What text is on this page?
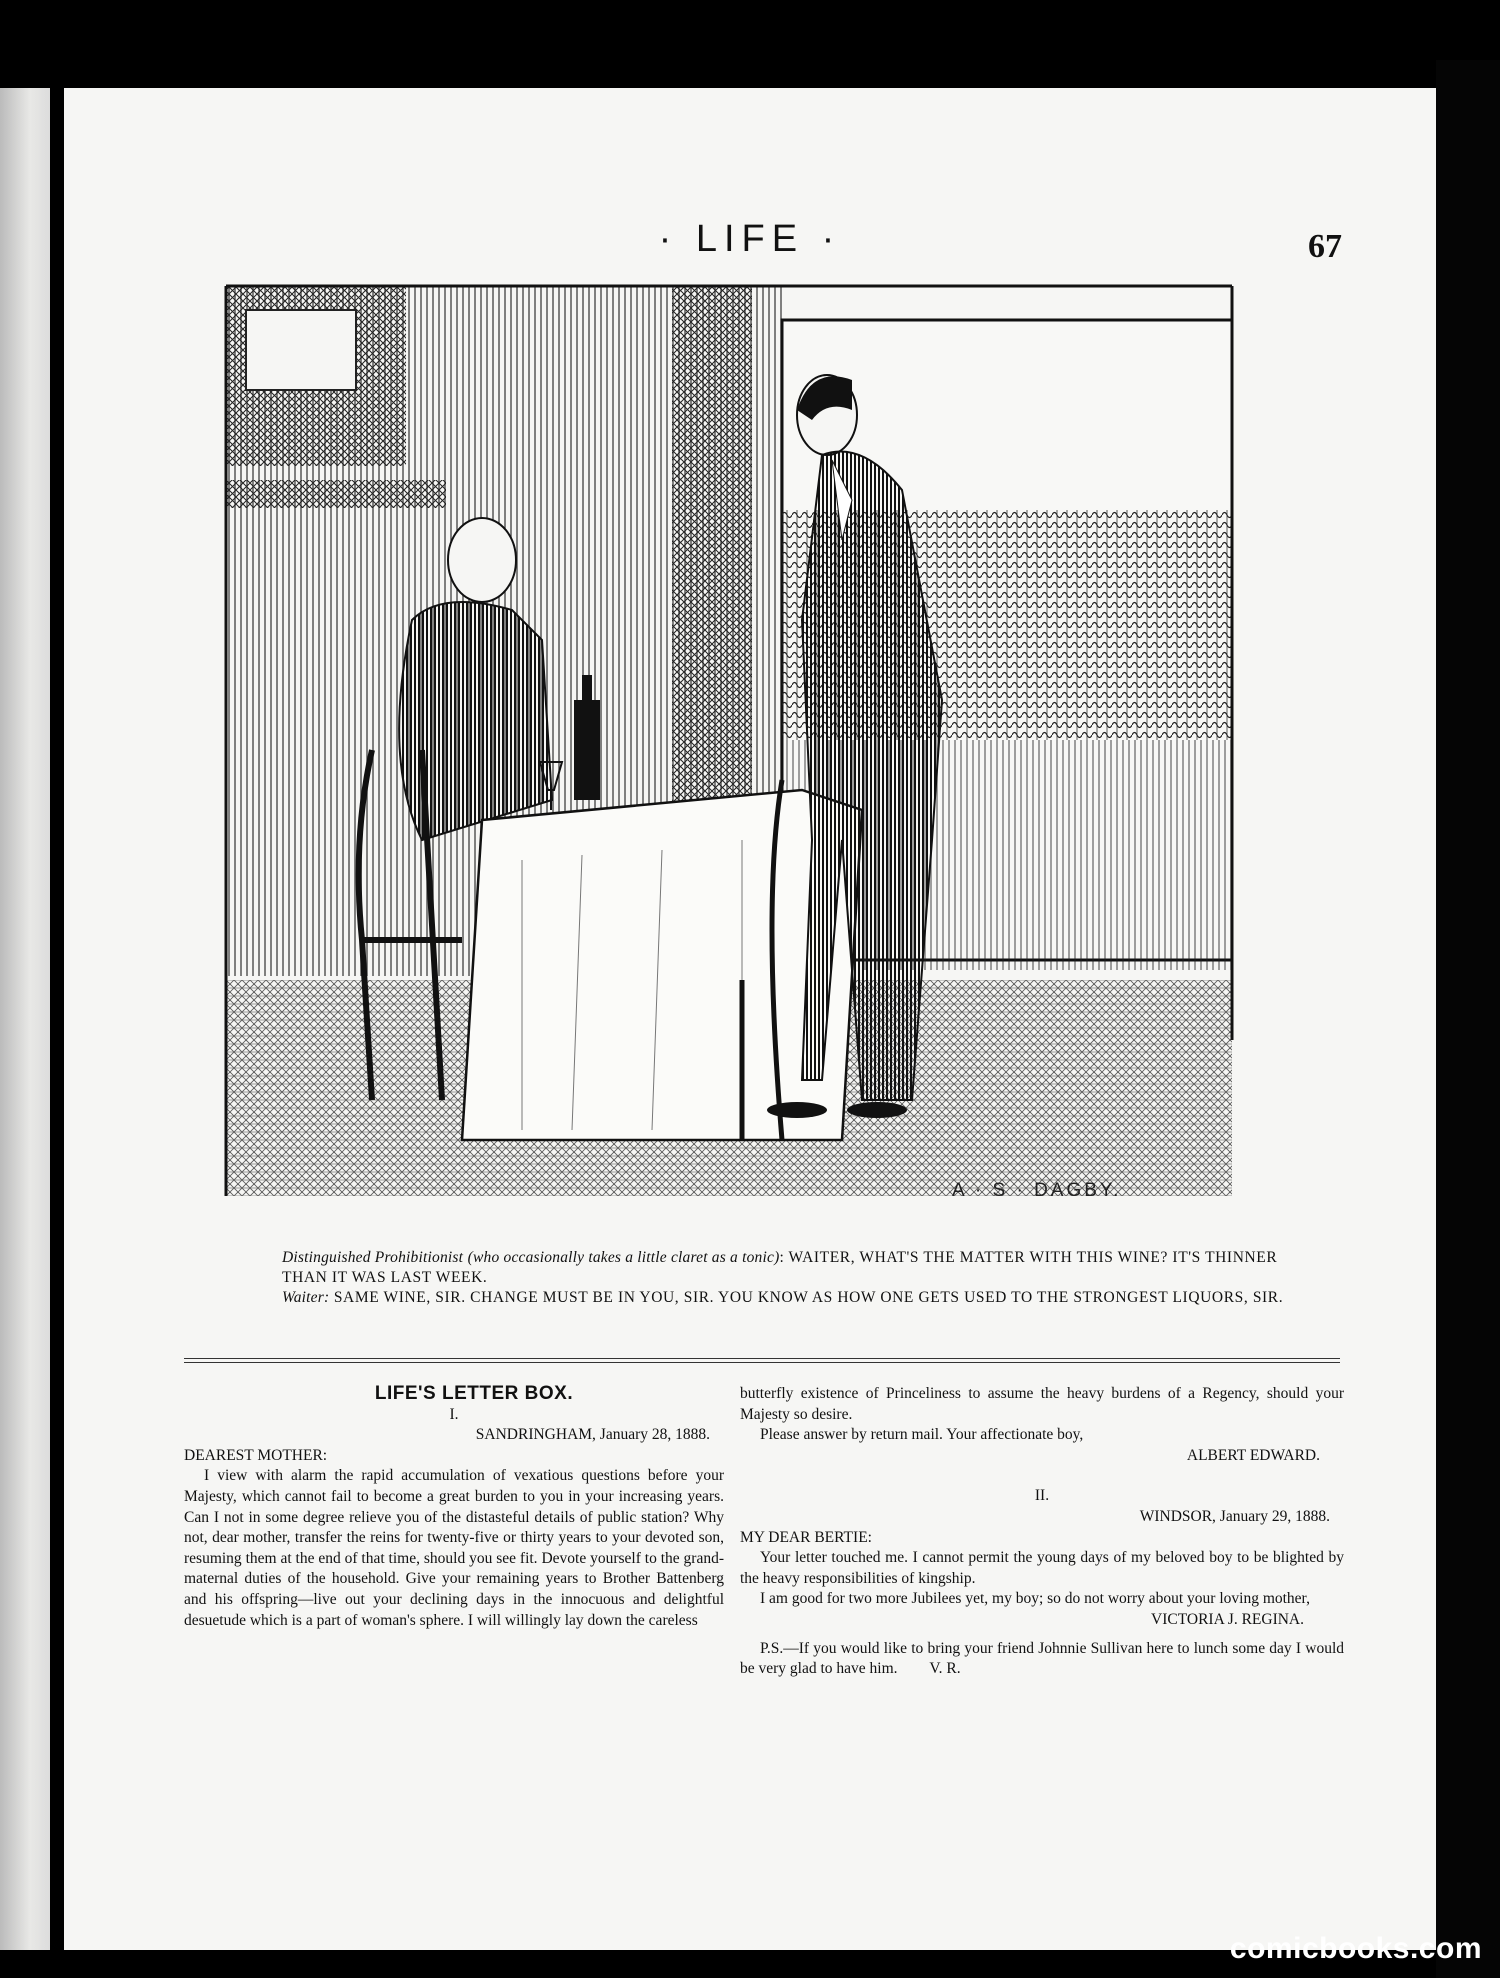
· LIFE ·	67
A · S · DAGBY.

Distinguished Prohibitionist (who occasionally takes a little claret as a tonic): WAITER, WHAT'S THE MATTER WITH THIS WINE? IT'S THINNER THAN IT WAS LAST WEEK.

Waiter: SAME WINE, SIR. CHANGE MUST BE IN YOU, SIR. YOU KNOW AS HOW ONE GETS USED TO THE STRONGEST LIQUORS, SIR.

LIFE'S LETTER BOX.

I.

SANDRINGHAM, January 28, 1888.

DEAREST MOTHER:

I view with alarm the rapid accumulation of vexatious questions before your Majesty, which cannot fail to become a great burden to you in your increasing years. Can I not in some degree relieve you of the distasteful details of public station? Why not, dear mother, transfer the reins for twenty-five or thirty years to your devoted son, resuming them at the end of that time, should you see fit. Devote yourself to the grand-maternal duties of the household. Give your remaining years to Brother Battenberg and his offspring—live out your declining days in the innocuous and delightful desuetude which is a part of woman's sphere. I will willingly lay down the careless

butterfly existence of Princeliness to assume the heavy burdens of a Regency, should your Majesty so desire.

Please answer by return mail. Your affectionate boy,

ALBERT EDWARD.

II.

WINDSOR, January 29, 1888.

MY DEAR BERTIE:

Your letter touched me. I cannot permit the young days of my beloved boy to be blighted by the heavy responsibilities of kingship.

I am good for two more Jubilees yet, my boy; so do not worry about your loving mother,

VICTORIA J. REGINA.

P.S.—If you would like to bring your friend Johnnie Sullivan here to lunch some day I would be very glad to have him. V. R.

comicbooks.com
